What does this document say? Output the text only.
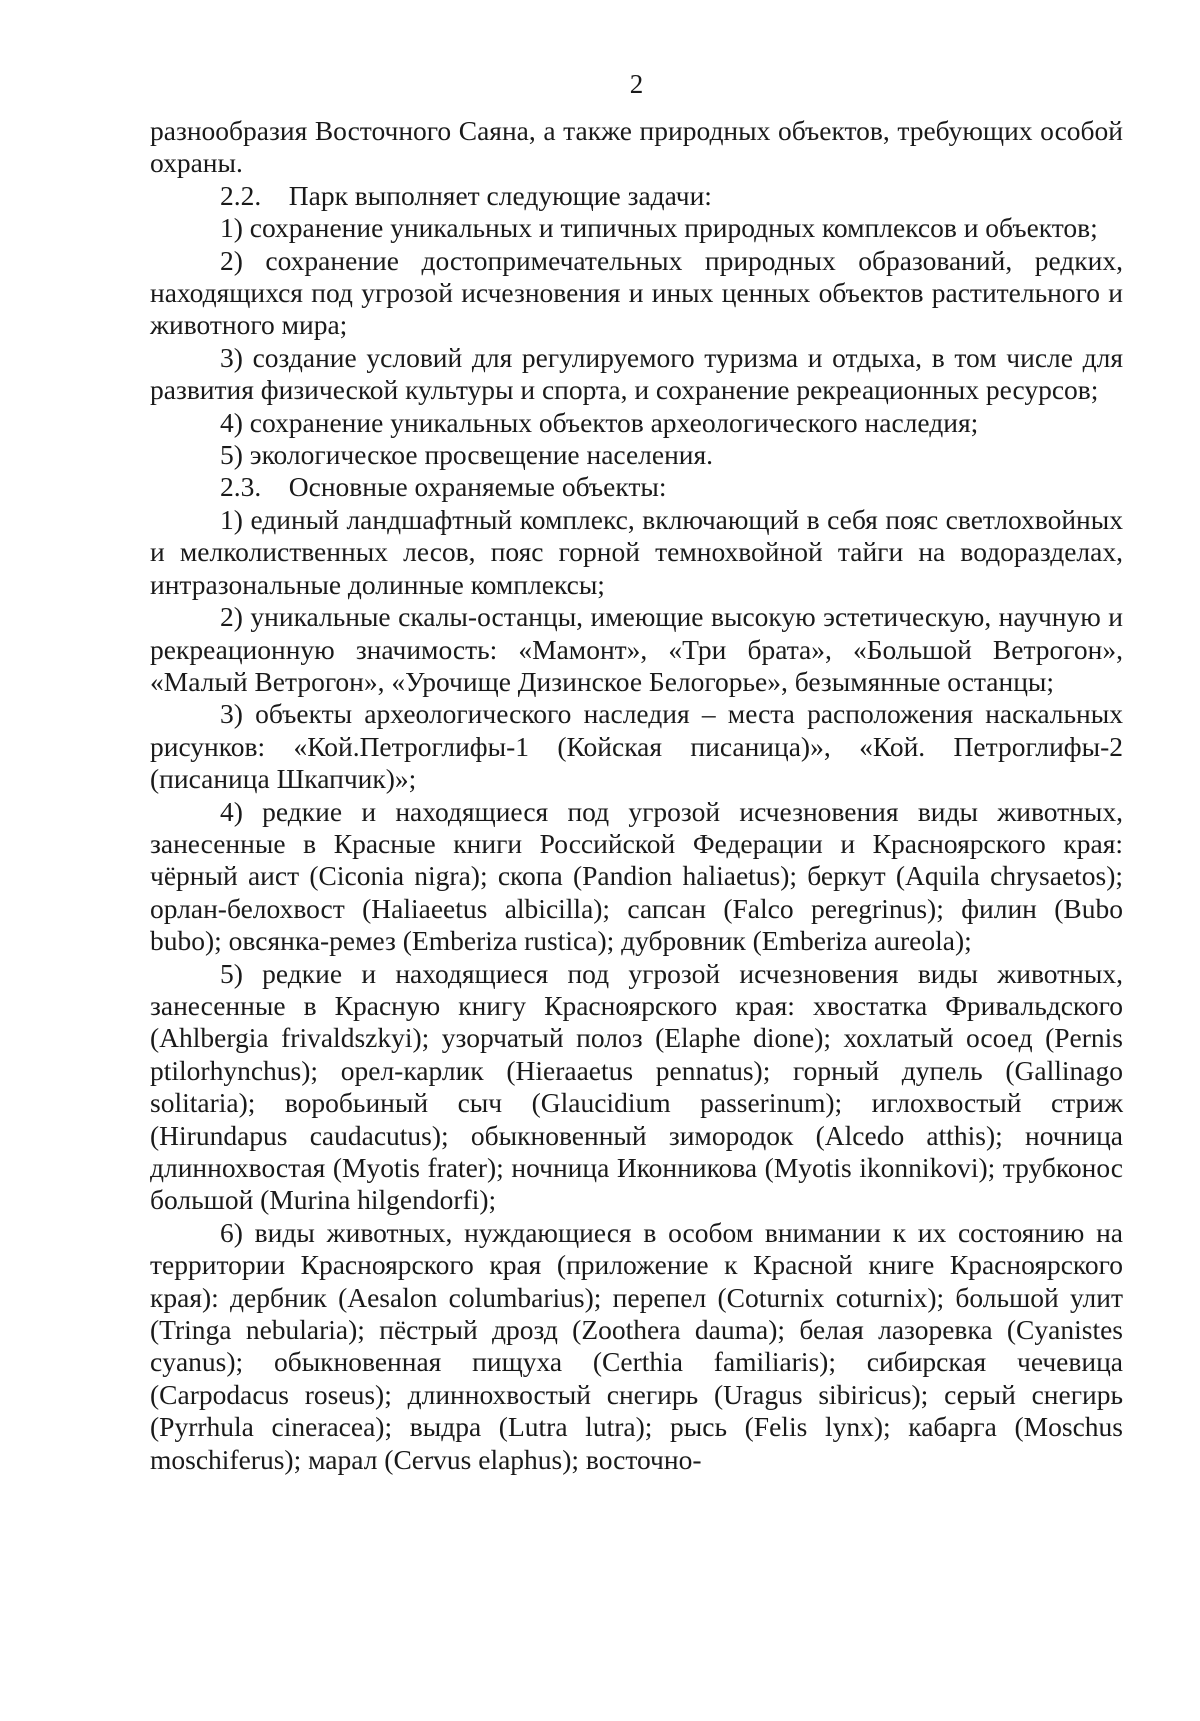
2

разнообразия Восточного Саяна, а также природных объектов, требующих особой охраны.

2.2. Парк выполняет следующие задачи:

1) сохранение уникальных и типичных природных комплексов и объектов;

2) сохранение достопримечательных природных образований, редких, находящихся под угрозой исчезновения и иных ценных объектов растительного и животного мира;

3) создание условий для регулируемого туризма и отдыха, в том числе для развития физической культуры и спорта, и сохранение рекреационных ресурсов;

4) сохранение уникальных объектов археологического наследия;

5) экологическое просвещение населения.

2.3. Основные охраняемые объекты:

1) единый ландшафтный комплекс, включающий в себя пояс светлохвойных и мелколиственных лесов, пояс горной темнохвойной тайги на водоразделах, интразональные долинные комплексы;

2) уникальные скалы-останцы, имеющие высокую эстетическую, научную и рекреационную значимость: «Мамонт», «Три брата», «Большой Ветрогон», «Малый Ветрогон», «Урочище Дизинское Белогорье», безымянные останцы;

3) объекты археологического наследия – места расположения наскальных рисунков: «Кой.Петроглифы-1 (Койская писаница)», «Кой. Петроглифы-2 (писаница Шкапчик)»;

4) редкие и находящиеся под угрозой исчезновения виды животных, занесенные в Красные книги Российской Федерации и Красноярского края: чёрный аист (Ciconia nigra); скопа (Pandion haliaetus); беркут (Aquila chrysaetos); орлан-белохвост (Haliaeetus albicilla); сапсан (Falco peregrinus); филин (Bubo bubo); овсянка-ремез (Emberiza rustica); дубровник (Emberiza aureola);

5) редкие и находящиеся под угрозой исчезновения виды животных, занесенные в Красную книгу Красноярского края: хвостатка Фривальдского (Ahlbergia frivaldszkyi); узорчатый полоз (Elaphe dione); хохлатый осоед (Pernis ptilorhynchus); орел-карлик (Hieraaetus pennatus); горный дупель (Gallinago solitaria); воробьиный сыч (Glaucidium passerinum); иглохвостый стриж (Hirundapus caudacutus); обыкновенный зимородок (Alcedo atthis); ночница длиннохвостая (Myotis frater); ночница Иконникова (Myotis ikonnikovi); трубконос большой (Murina hilgendorfi);

6) виды животных, нуждающиеся в особом внимании к их состоянию на территории Красноярского края (приложение к Красной книге Красноярского края): дербник (Aesalon columbarius); перепел (Coturnix coturnix); большой улит (Tringa nebularia); пёстрый дрозд (Zoothera dauma); белая лазоревка (Cyanistes cyanus); обыкновенная пищуха (Certhia familiaris); сибирская чечевица (Carpodacus roseus); длиннохвостый снегирь (Uragus sibiricus); серый снегирь (Pyrrhula cineracea); выдра (Lutra lutra); рысь (Felis lynx); кабарга (Moschus moschiferus); марал (Cervus elaphus); восточно-
